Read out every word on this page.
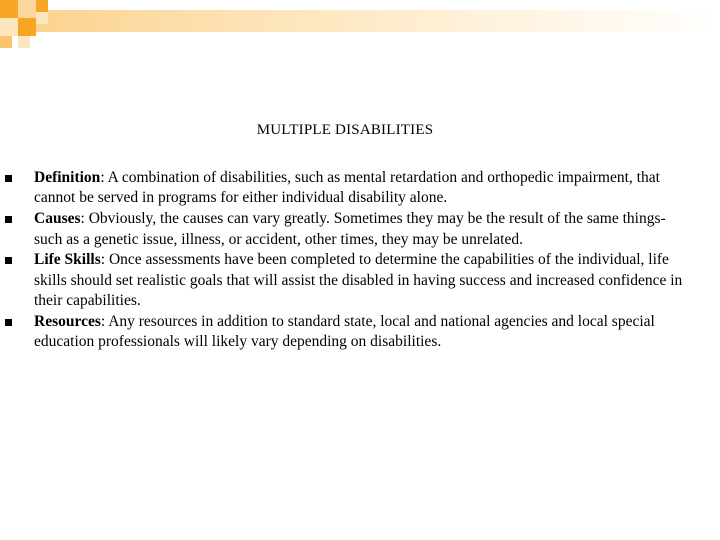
MULTIPLE DISABILITIES
Definition: A combination of disabilities, such as mental retardation and orthopedic impairment, that cannot be served in programs for either individual disability alone.
Causes: Obviously, the causes can vary greatly. Sometimes they may be the result of the same things- such as a genetic issue, illness, or accident, other times, they may be unrelated.
Life Skills: Once assessments have been completed to determine the capabilities of the individual, life skills should set realistic goals that will assist the disabled in having success and increased confidence in their capabilities.
Resources: Any resources in addition to standard state, local and national agencies and local special education professionals will likely vary depending on disabilities.
